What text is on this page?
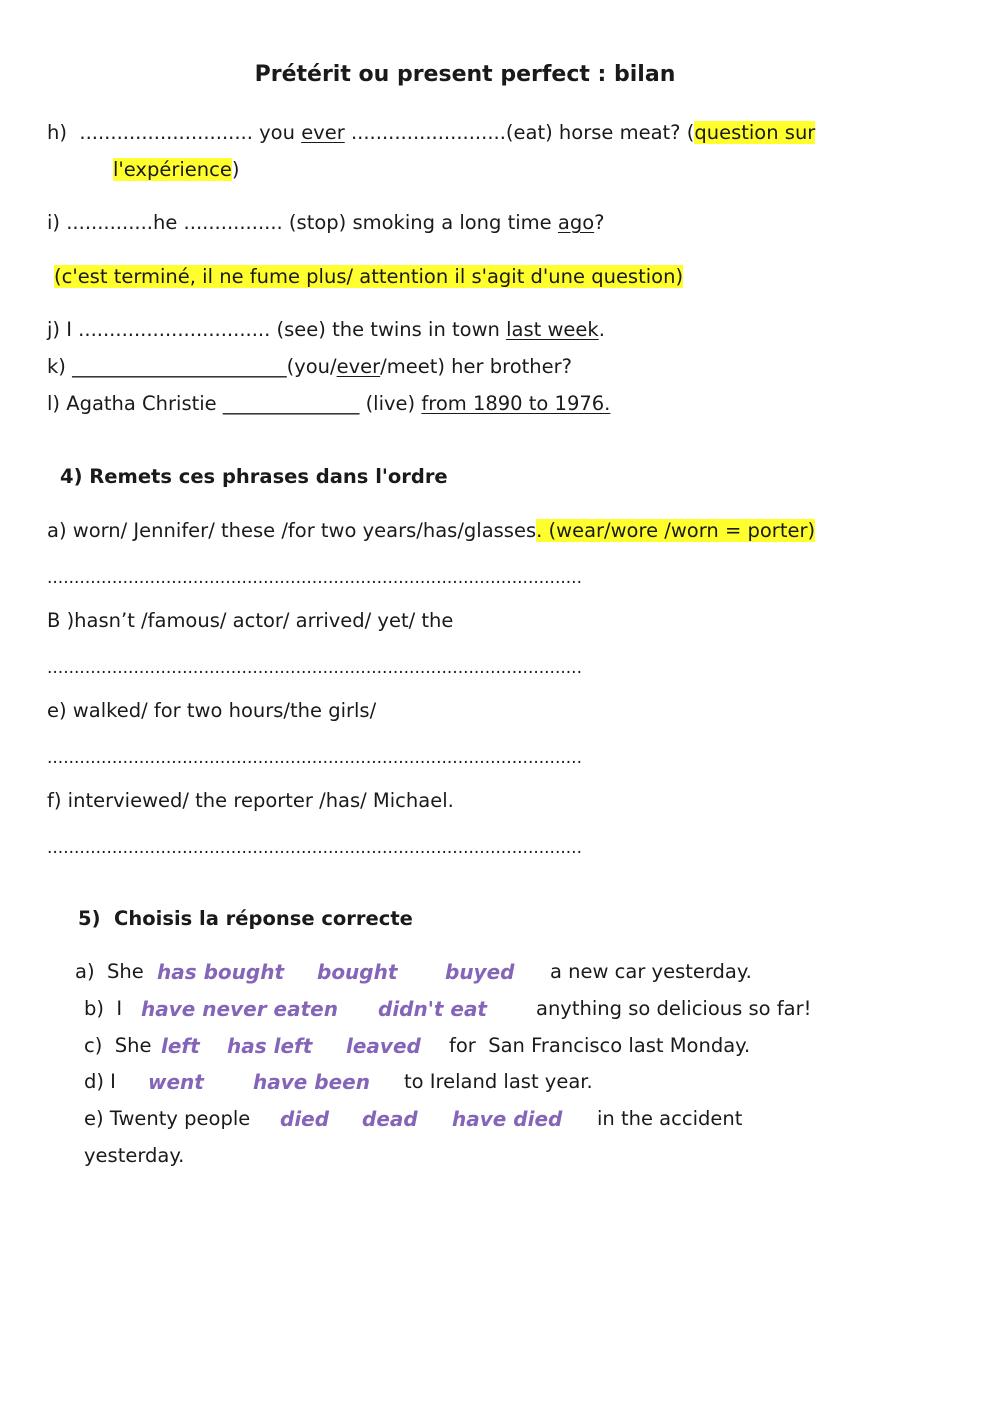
Prétérit ou present perfect : bilan
h) ............................ you ever .........................(eat) horse meat? (question sur
l'expérience)
i) ..............he ................ (stop) smoking a long time ago?
(c'est terminé, il ne fume plus/ attention il s'agit d'une question)
j) I ............................... (see) the twins in town last week.
k) ______________________(you/ever/meet) her brother?
l) Agatha Christie ______________ (live) from 1890 to 1976.
4) Remets ces phrases dans l'ordre
a) worn/ Jennifer/ these /for two years/has/glasses. (wear/wore /worn = porter)
...................................................................................................
B )hasn’t /famous/ actor/ arrived/ yet/ the
...................................................................................................
e) walked/ for two hours/the girls/
...................................................................................................
f) interviewed/ the reporter /has/ Michael.
...................................................................................................
5)  Choisis la réponse correcte
a)  She has bought bought buyed a new car yesterday.
b)  I have never eaten didn't eat	anything so delicious so far!
c)  She left has left leaved for  San Francisco last Monday.
d) I went have been to Ireland last year.
e) Twenty people died dead have died in the accident
yesterday.
